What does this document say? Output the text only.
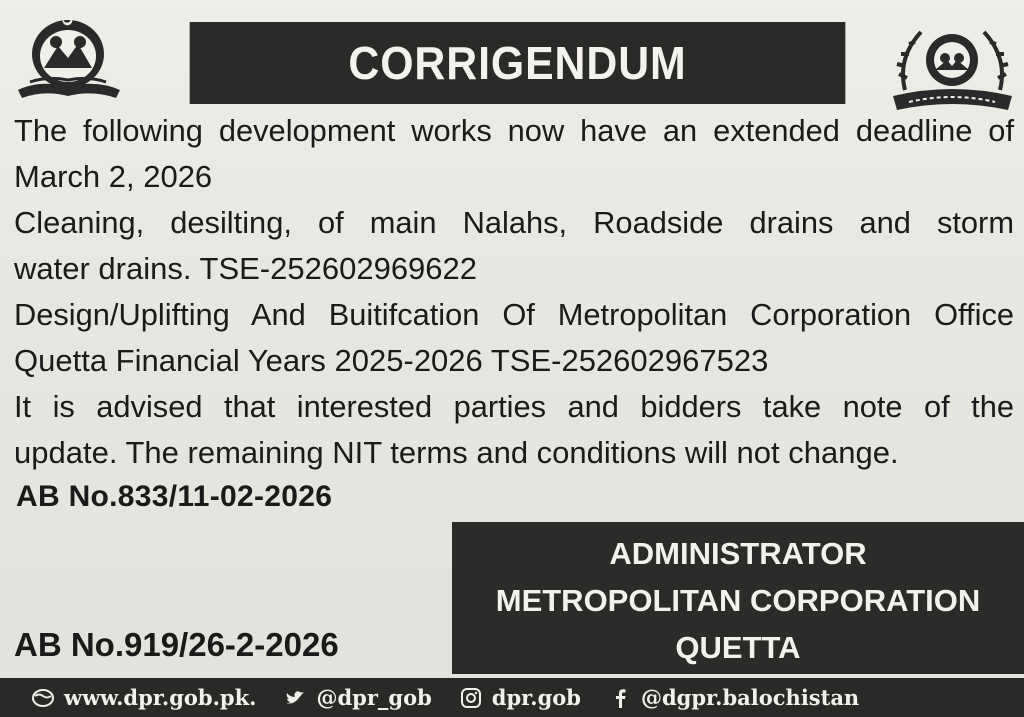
CORRIGENDUM
The following development works now have an extended deadline of
March 2, 2026
Cleaning, desilting, of main Nalahs, Roadside drains and storm
water drains. TSE-252602969622
Design/Uplifting And Buitifcation Of Metropolitan Corporation Office
Quetta Financial Years 2025-2026 TSE-252602967523
It is advised that interested parties and bidders take note of the
update. The remaining NIT terms and conditions will not change.
AB No.833/11-02-2026
ADMINISTRATOR
METROPOLITAN CORPORATION
QUETTA
AB No.919/26-2-2026
www.dpr.gob.pk.	@dpr_gob	dpr.gob	@dgpr.balochistan
